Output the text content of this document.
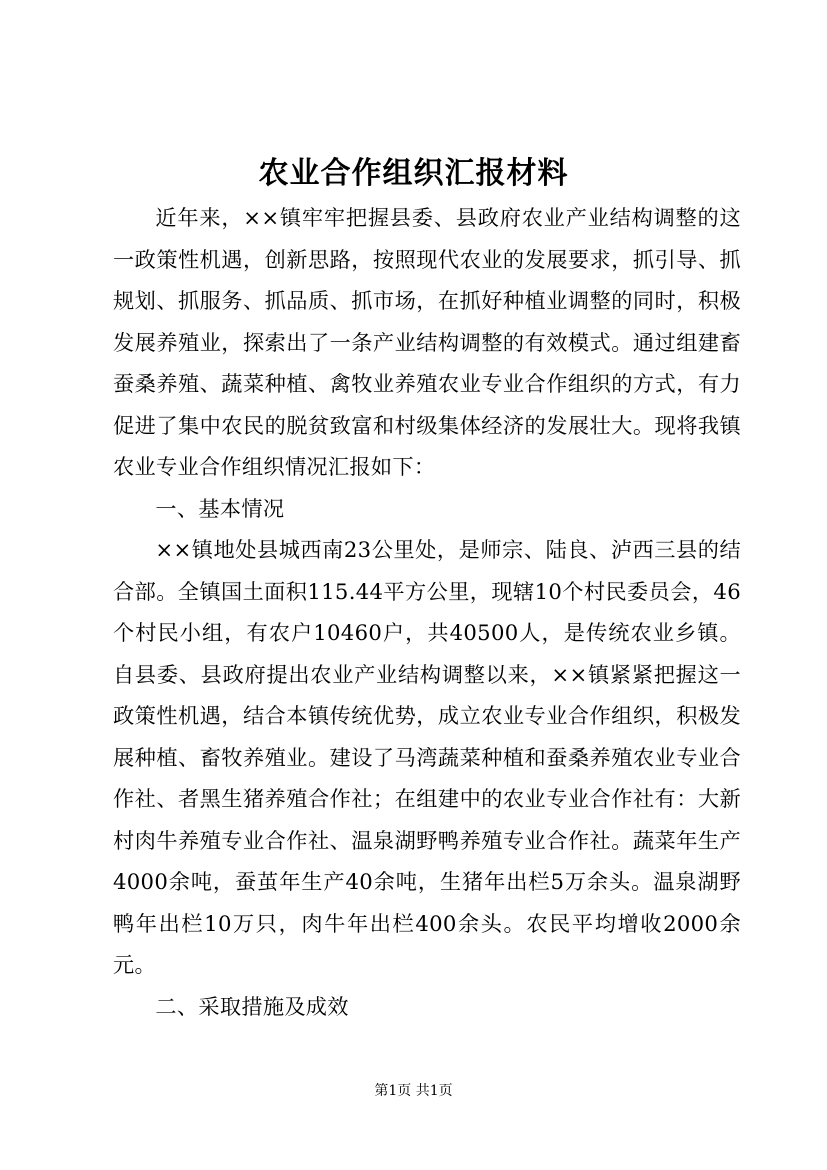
农业合作组织汇报材料

近年来，××镇牢牢把握县委、县政府农业产业结构调整的这一政策性机遇，创新思路，按照现代农业的发展要求，抓引导、抓规划、抓服务、抓品质、抓市场，在抓好种植业调整的同时，积极发展养殖业，探索出了一条产业结构调整的有效模式。通过组建畜蚕桑养殖、蔬菜种植、禽牧业养殖农业专业合作组织的方式，有力促进了集中农民的脱贫致富和村级集体经济的发展壮大。现将我镇农业专业合作组织情况汇报如下：

一、基本情况

××镇地处县城西南23公里处，是师宗、陆良、泸西三县的结合部。全镇国土面积115.44平方公里，现辖10个村民委员会，46个村民小组，有农户10460户，共40500人，是传统农业乡镇。自县委、县政府提出农业产业结构调整以来，××镇紧紧把握这一政策性机遇，结合本镇传统优势，成立农业专业合作组织，积极发展种植、畜牧养殖业。建设了马湾蔬菜种植和蚕桑养殖农业专业合作社、者黑生猪养殖合作社；在组建中的农业专业合作社有：大新村肉牛养殖专业合作社、温泉湖野鸭养殖专业合作社。蔬菜年生产4000余吨，蚕茧年生产40余吨，生猪年出栏5万余头。温泉湖野鸭年出栏10万只，肉牛年出栏400余头。农民平均增收2000余元。

二、采取措施及成效

第1页 共1页
